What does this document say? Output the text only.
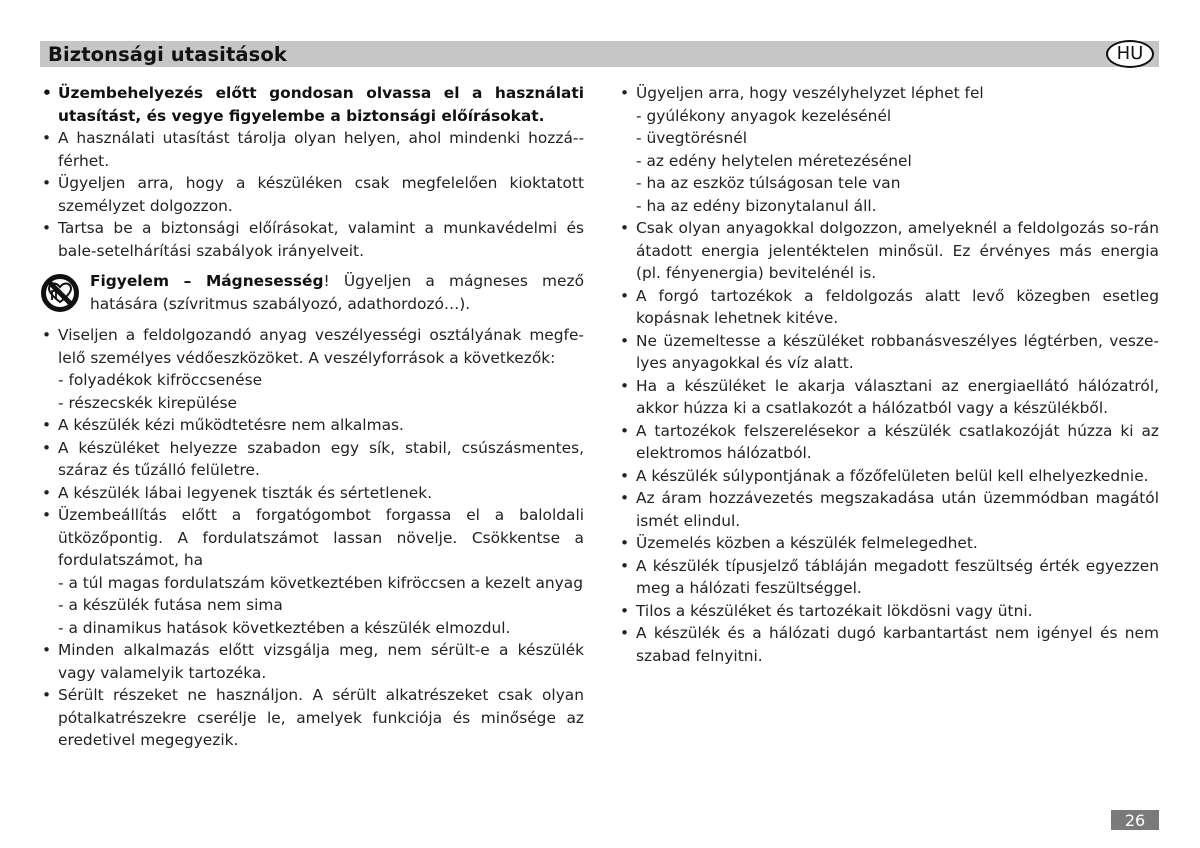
Biztonsági utasitások	HU
• Üzembehelyezés előtt gondosan olvassa el a használati utasítást, és vegye figyelembe a biztonsági előírásokat.
• A használati utasítást tárolja olyan helyen, ahol mindenki hozzá--férhet.
• Ügyeljen arra, hogy a készüléken csak megfelelően kioktatott személyzet dolgozzon.
• Tartsa be a biztonsági előírásokat, valamint a munkavédelmi és bale-setelhárítási szabályok irányelveit.
Figyelem – Mágnesesség! Ügyeljen a mágneses mező hatására (szívritmus szabályozó, adathordozó…).
• Viseljen a feldolgozandó anyag veszélyességi osztályának megfe-lelő személyes védőeszközöket. A veszélyforrások a következők:
- folyadékok kifröccsenése
- részecskék kirepülése
• A készülék kézi működtetésre nem alkalmas.
• A készüléket helyezze szabadon egy sík, stabil, csúszásmentes, száraz és tűzálló felületre.
• A készülék lábai legyenek tiszták és sértetlenek.
• Üzembeállítás előtt a forgatógombot forgassa el a baloldali ütközőpontig. A fordulatszámot lassan növelje. Csökkentse a fordulatszámot, ha
- a túl magas fordulatszám következtében kifröccsen a kezelt anyag
- a készülék futása nem sima
- a dinamikus hatások következtében a készülék elmozdul.
• Minden alkalmazás előtt vizsgálja meg, nem sérült-e a készülék vagy valamelyik tartozéka.
• Sérült részeket ne használjon. A sérült alkatrészeket csak olyan pótalkatrészekre cserélje le, amelyek funkciója és minősége az eredetivel megegyezik.
• Ügyeljen arra, hogy veszélyhelyzet léphet fel
- gyúlékony anyagok kezelésénél
- üvegtörésnél
- az edény helytelen méretezésénel
- ha az eszköz túlságosan tele van
- ha az edény bizonytalanul áll.
• Csak olyan anyagokkal dolgozzon, amelyeknél a feldolgozás so-rán átadott energia jelentéktelen minősül. Ez érvényes más energia (pl. fényenergia) bevitelénél is.
• A forgó tartozékok a feldolgozás alatt levő közegben esetleg kopásnak lehetnek kitéve.
• Ne üzemeltesse a készüléket robbanásveszélyes légtérben, vesze-lyes anyagokkal és víz alatt.
• Ha a készüléket le akarja választani az energiaellátó hálózatról, akkor húzza ki a csatlakozót a hálózatból vagy a készülékből.
• A tartozékok felszerelésekor a készülék csatlakozóját húzza ki az elektromos hálózatból.
• A készülék súlypontjának a főzőfelületen belül kell elhelyezkednie.
• Az áram hozzávezetés megszakadása után üzemmódban magától ismét elindul.
• Üzemelés közben a készülék felmelegedhet.
• A készülék típusjelző tábláján megadott feszültség érték egyezzen meg a hálózati feszültséggel.
• Tilos a készüléket és tartozékait lökdösni vagy ütni.
• A készülék és a hálózati dugó karbantartást nem igényel és nem szabad felnyitni.
26
